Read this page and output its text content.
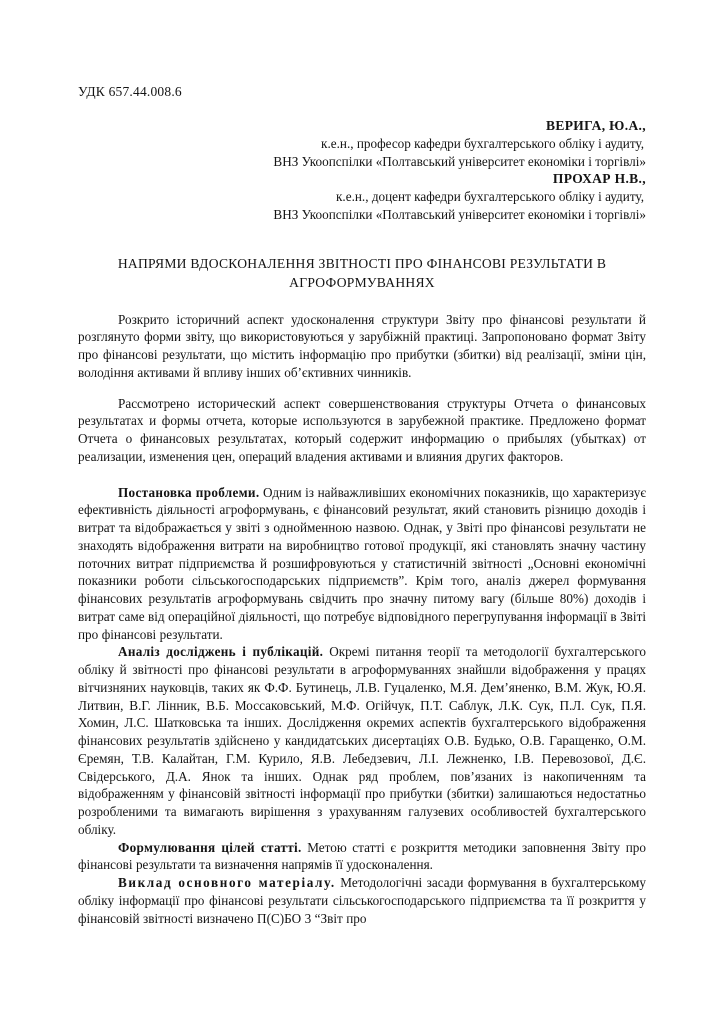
УДК 657.44.008.6
ВЕРИГА, Ю.А.,
к.е.н., професор кафедри бухгалтерського обліку і аудиту,
ВНЗ Укоопспілки «Полтавський університет економіки і торгівлі»
ПРОХАР Н.В.,
к.е.н., доцент кафедри бухгалтерського обліку і аудиту,
ВНЗ Укоопспілки «Полтавський університет економіки і торгівлі»
НАПРЯМИ ВДОСКОНАЛЕННЯ ЗВІТНОСТІ ПРО ФІНАНСОВІ РЕЗУЛЬТАТИ В АГРОФОРМУВАННЯХ

Розкрито історичний аспект удосконалення структури Звіту про фінансові результати й розглянуто форми звіту, що використовуються у зарубіжній практиці. Запропоновано формат Звіту про фінансові результати, що містить інформацію про прибутки (збитки) від реалізації, зміни цін, володіння активами й впливу інших об’єктивних чинників.

Рассмотрено исторический аспект совершенствования структуры Отчета о финансовых результатах и формы отчета, которые используются в зарубежной практике. Предложено формат Отчета о финансовых результатах, который содержит информацию о прибылях (убытках) от реализации, изменения цен, операций владения активами и влияния других факторов.

Постановка проблеми. Одним із найважливіших економічних показників, що характеризує ефективність діяльності агроформувань, є фінансовий результат, який становить різницю доходів і витрат та відображається у звіті з однойменною назвою. Однак, у Звіті про фінансові результати не знаходять відображення витрати на виробництво готової продукції, які становлять значну частину поточних витрат підприємства й розшифровуються у статистичній звітності „Основні економічні показники роботи сільськогосподарських підприємств”. Крім того, аналіз джерел формування фінансових результатів агроформувань свідчить про значну питому вагу (більше 80%) доходів і витрат саме від операційної діяльності, що потребує відповідного перегрупування інформації в Звіті про фінансові результати.

Аналіз досліджень і публікацій. Окремі питання теорії та методології бухгалтерського обліку й звітності про фінансові результати в агроформуваннях знайшли відображення у працях вітчизняних науковців, таких як Ф.Ф. Бутинець, Л.В. Гуцаленко, М.Я. Дем’яненко, В.М. Жук, Ю.Я. Литвин, В.Г. Лінник, В.Б. Моссаковський, М.Ф. Огійчук, П.Т. Саблук, Л.К. Сук, П.Л. Сук, П.Я. Хомин, Л.С. Шатковська та інших. Дослідження окремих аспектів бухгалтерського відображення фінансових результатів здійснено у кандидатських дисертаціях О.В. Будько, О.В. Гаращенко, О.М. Єремян, Т.В. Калайтан, Г.М. Курило, Я.В. Лебедзевич, Л.І. Лежненко, І.В. Перевозової, Д.Є. Свідерського, Д.А. Янок та інших. Однак ряд проблем, пов’язаних із накопиченням та відображенням у фінансовій звітності інформації про прибутки (збитки) залишаються недостатньо розробленими та вимагають вирішення з урахуванням галузевих особливостей бухгалтерського обліку.

Формулювання цілей статті. Метою статті є розкриття методики заповнення Звіту про фінансові результати та визначення напрямів її удосконалення.

Виклад основного матеріалу. Методологічні засади формування в бухгалтерському обліку інформації про фінансові результати сільськогосподарського підприємства та її розкриття у фінансовій звітності визначено П(С)БО 3 “Звіт про
